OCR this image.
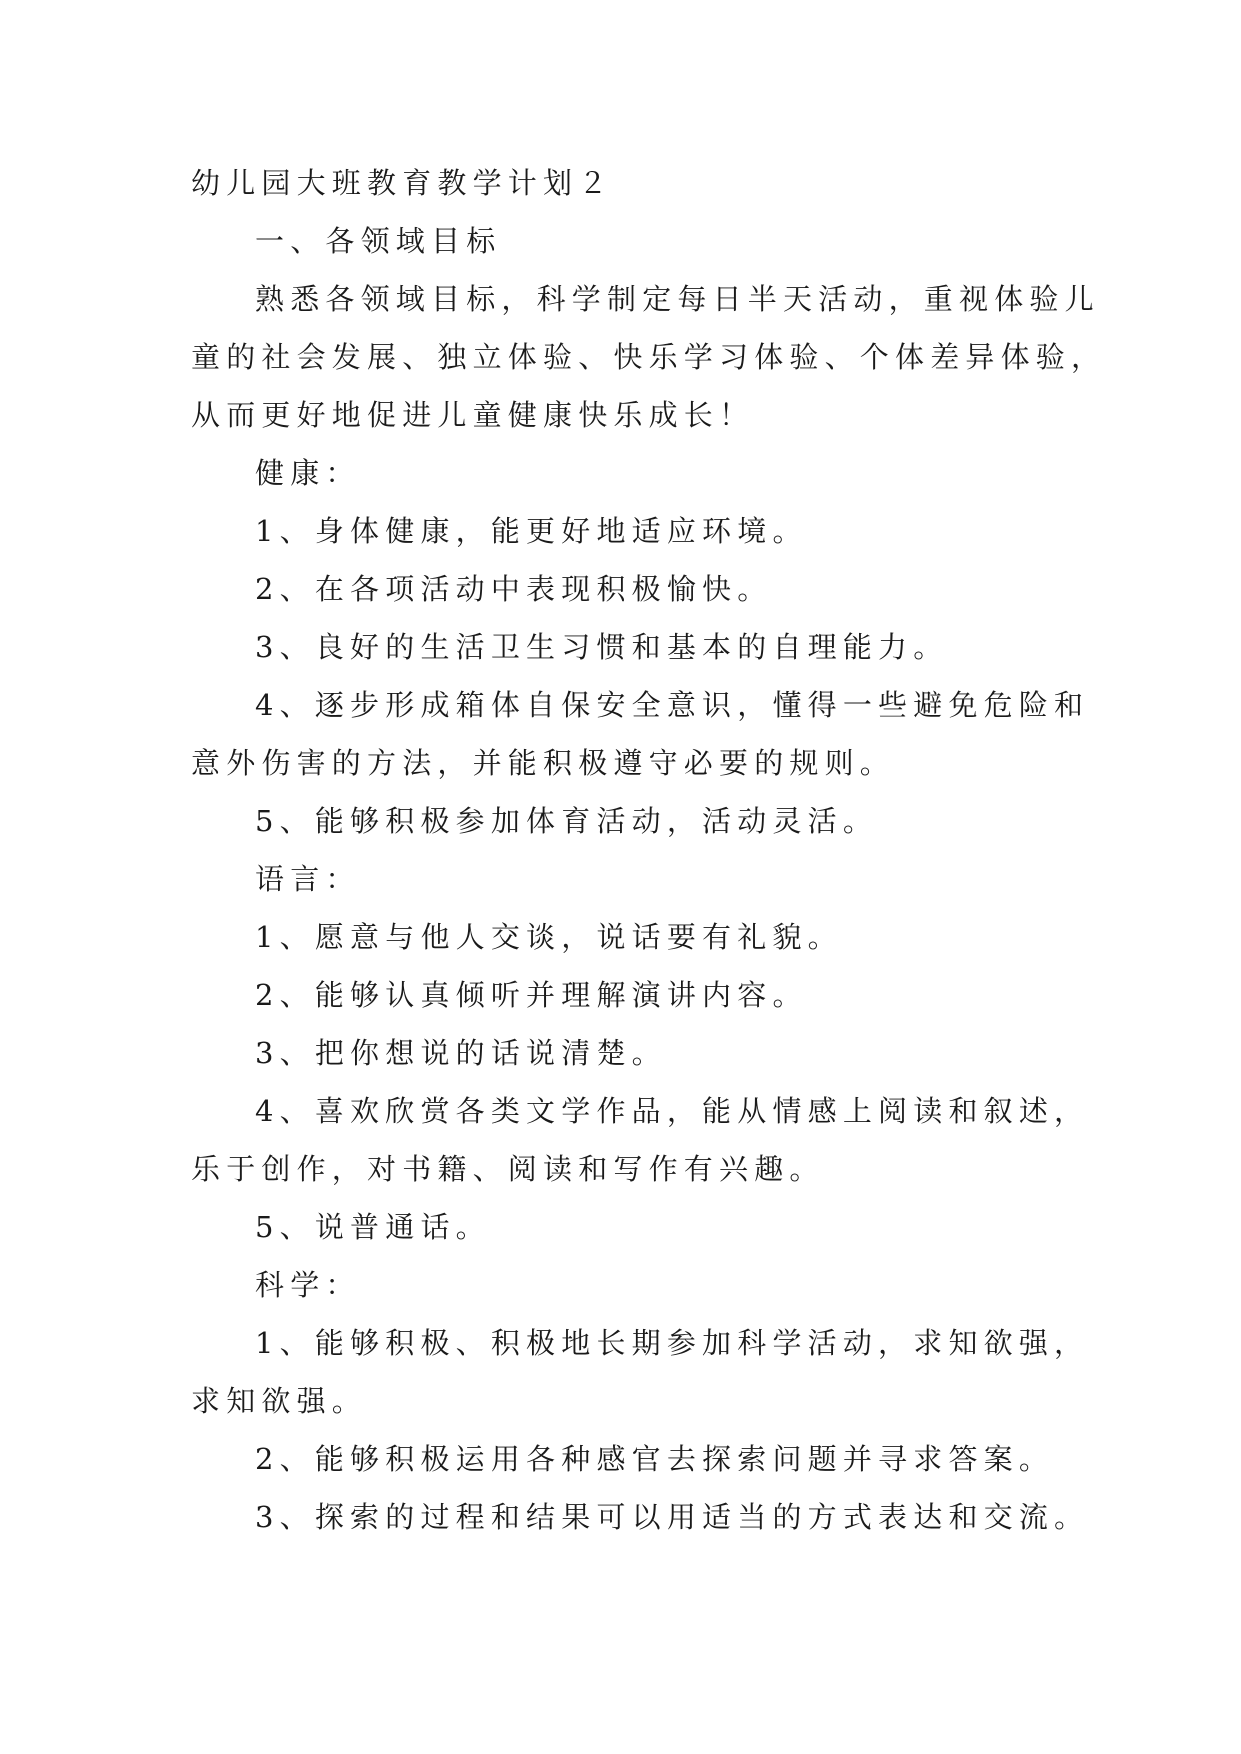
幼儿园大班教育教学计划２

一、各领域目标

熟悉各领域目标，科学制定每日半天活动，重视体验儿

童的社会发展、独立体验、快乐学习体验、个体差异体验，

从而更好地促进儿童健康快乐成长！

健康：

1、身体健康，能更好地适应环境。

2、在各项活动中表现积极愉快。

3、良好的生活卫生习惯和基本的自理能力。

4、逐步形成箱体自保安全意识，懂得一些避免危险和

意外伤害的方法，并能积极遵守必要的规则。

5、能够积极参加体育活动，活动灵活。

语言：

1、愿意与他人交谈，说话要有礼貌。

2、能够认真倾听并理解演讲内容。

3、把你想说的话说清楚。

4、喜欢欣赏各类文学作品，能从情感上阅读和叙述，

乐于创作，对书籍、阅读和写作有兴趣。

5、说普通话。

科学：

1、能够积极、积极地长期参加科学活动，求知欲强，

求知欲强。

2、能够积极运用各种感官去探索问题并寻求答案。

3、探索的过程和结果可以用适当的方式表达和交流。
